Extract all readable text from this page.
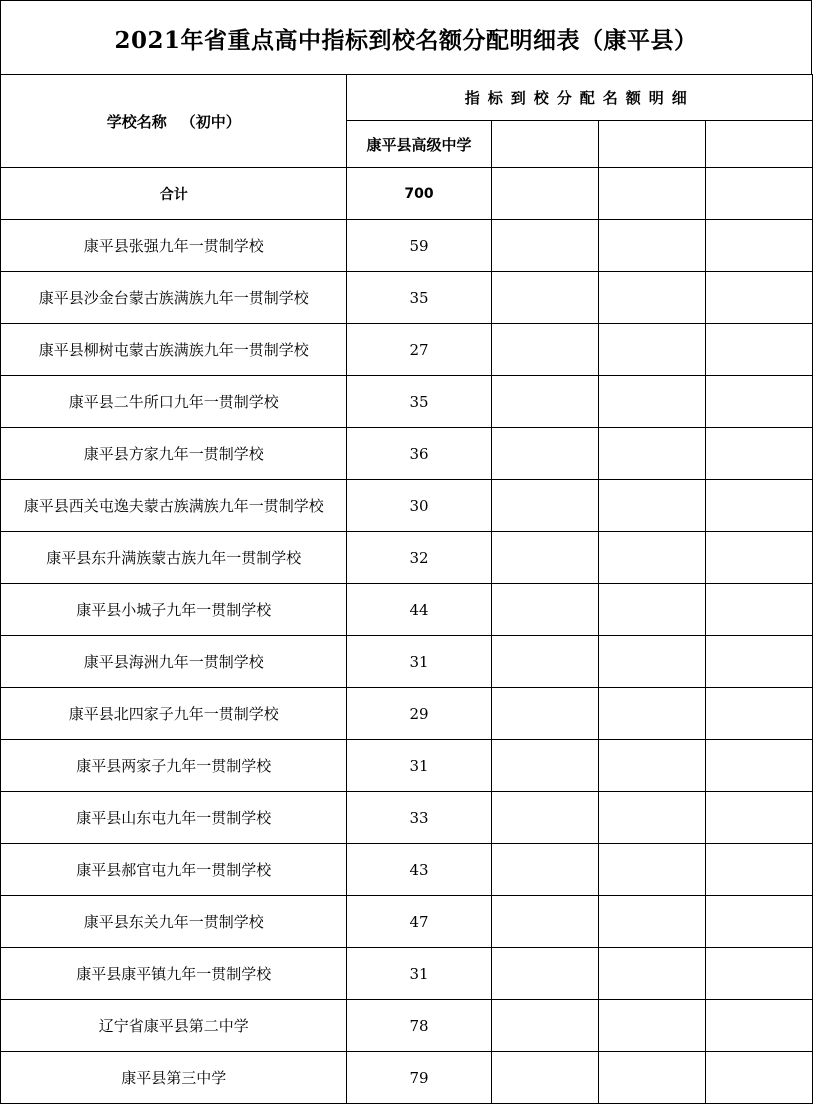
2021年省重点高中指标到校名额分配明细表（康平县）
学校名称 （初中）	指标到校分配名额明细			
	康平县高级中学			
合计	700			
康平县张强九年一贯制学校	59			
康平县沙金台蒙古族满族九年一贯制学校	35			
康平县柳树屯蒙古族满族九年一贯制学校	27			
康平县二牛所口九年一贯制学校	35			
康平县方家九年一贯制学校	36			
康平县西关屯逸夫蒙古族满族九年一贯制学校	30			
康平县东升满族蒙古族九年一贯制学校	32			
康平县小城子九年一贯制学校	44			
康平县海洲九年一贯制学校	31			
康平县北四家子九年一贯制学校	29			
康平县两家子九年一贯制学校	31			
康平县山东屯九年一贯制学校	33			
康平县郝官屯九年一贯制学校	43			
康平县东关九年一贯制学校	47			
康平县康平镇九年一贯制学校	31			
辽宁省康平县第二中学	78			
康平县第三中学	79			
